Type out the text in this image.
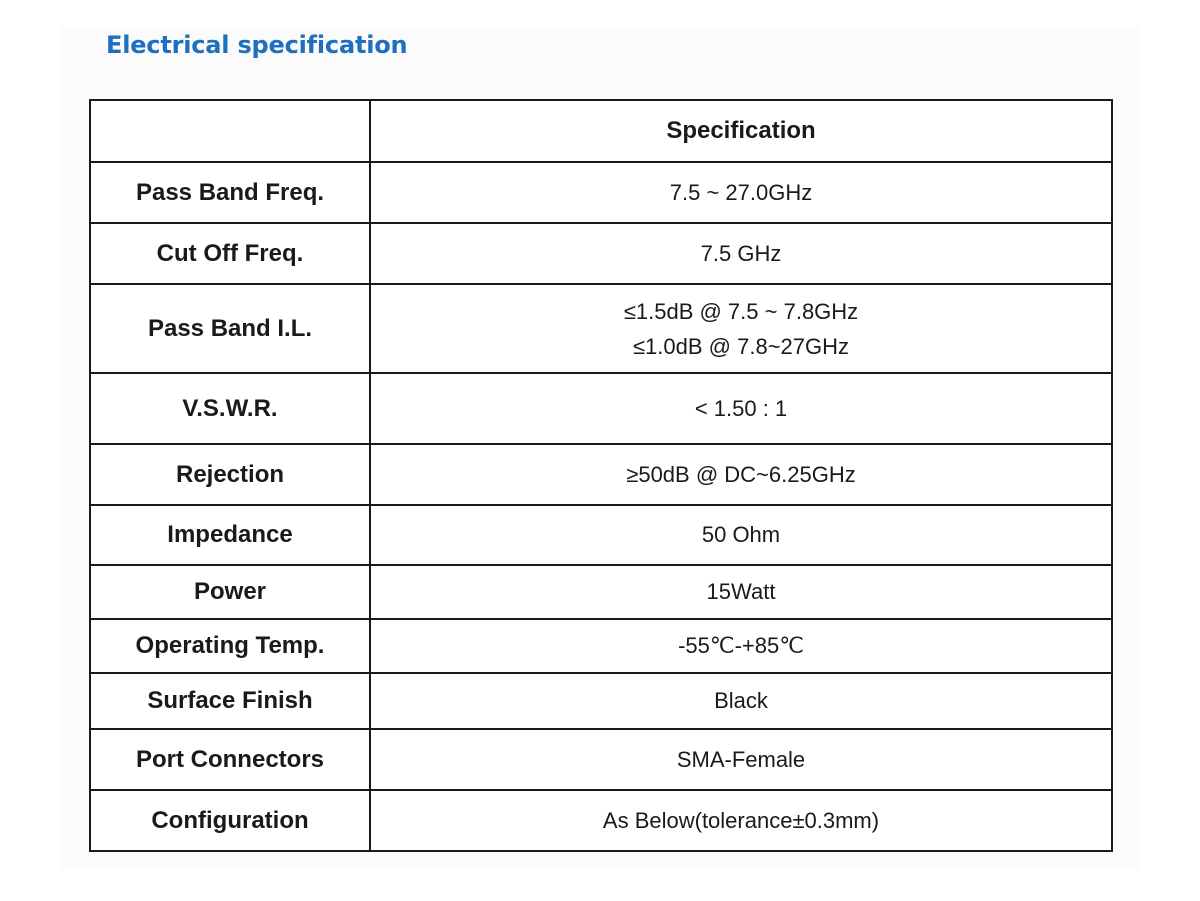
Electrical specification
	Specification
Pass Band Freq.	7.5 ~ 27.0GHz
Cut Off Freq.	7.5 GHz
Pass Band I.L.	≤1.5dB @ 7.5 ~ 7.8GHz
≤1.0dB @ 7.8~27GHz

V.S.W.R.	< 1.50 : 1
Rejection	≥50dB @ DC~6.25GHz
Impedance	50 Ohm
Power	15Watt
Operating Temp.	-55℃-+85℃
Surface Finish	Black
Port Connectors	SMA-Female
Configuration	As Below(tolerance±0.3mm)
